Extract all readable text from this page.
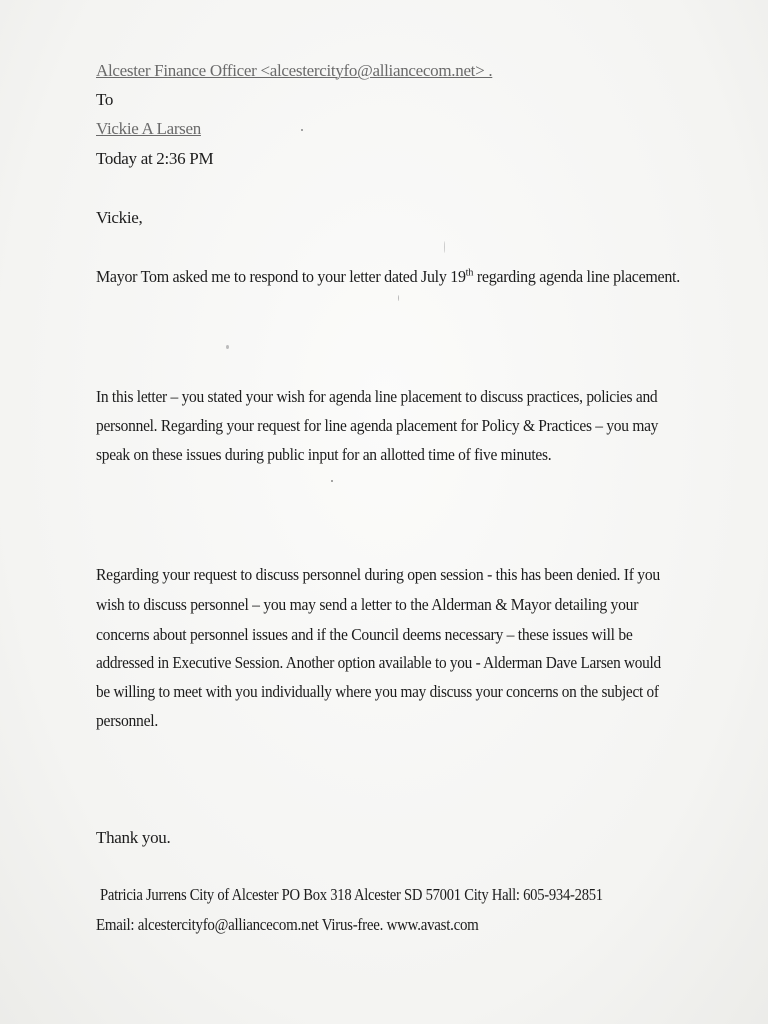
Alcester Finance Officer <alcestercityfo@alliancecom.net> .
To
Vickie A Larsen
Today at 2:36 PM
Vickie,
Mayor Tom asked me to respond to your letter dated July 19th regarding agenda line placement.
In this letter – you stated your wish for agenda line placement to discuss practices, policies and
personnel. Regarding your request for line agenda placement for Policy & Practices – you may
speak on these issues during public input for an allotted time of five minutes.
Regarding your request to discuss personnel during open session - this has been denied. If you
wish to discuss personnel – you may send a letter to the Alderman & Mayor detailing your
concerns about personnel issues and if the Council deems necessary – these issues will be
addressed in Executive Session. Another option available to you - Alderman Dave Larsen would
be willing to meet with you individually where you may discuss your concerns on the subject of
personnel.
Thank you.
Patricia Jurrens City of Alcester PO Box 318 Alcester SD 57001 City Hall: 605-934-2851
Email: alcestercityfo@alliancecom.net Virus-free. www.avast.com
